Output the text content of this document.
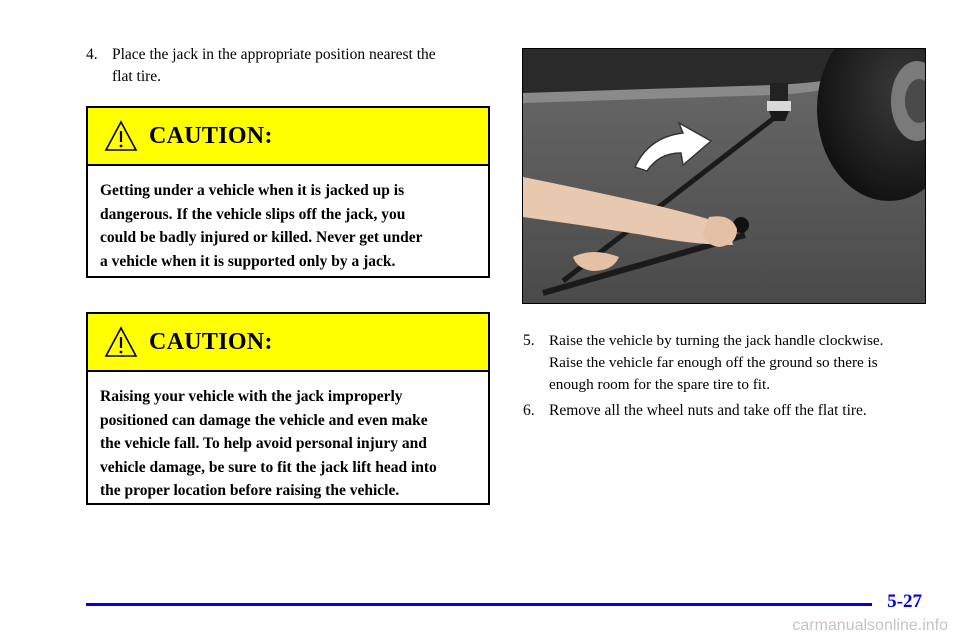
4. Place the jack in the appropriate position nearest the
flat tire.
CAUTION:
Getting under a vehicle when it is jacked up is
dangerous. If the vehicle slips off the jack, you
could be badly injured or killed. Never get under
a vehicle when it is supported only by a jack.
CAUTION:
Raising your vehicle with the jack improperly
positioned can damage the vehicle and even make
the vehicle fall. To help avoid personal injury and
vehicle damage, be sure to fit the jack lift head into
the proper location before raising the vehicle.
5. Raise the vehicle by turning the jack handle clockwise.
Raise the vehicle far enough off the ground so there is
enough room for the spare tire to fit.
6. Remove all the wheel nuts and take off the flat tire.
5-27
carmanualsonline.info
